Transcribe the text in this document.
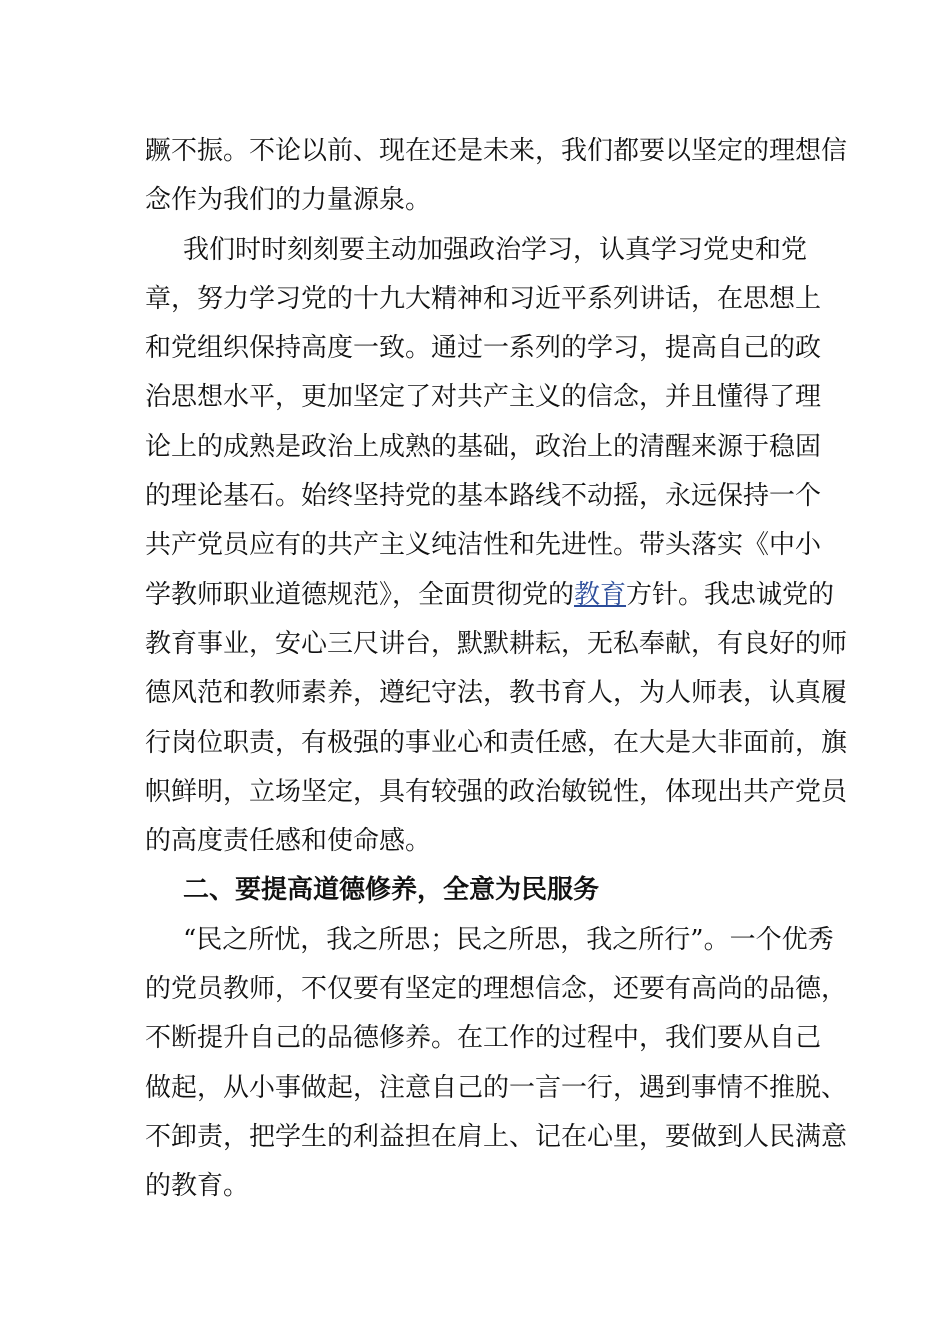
蹶不振。不论以前、现在还是未来，我们都要以坚定的理想信
念作为我们的力量源泉。
我们时时刻刻要主动加强政治学习，认真学习党史和党
章，努力学习党的十九大精神和习近平系列讲话，在思想上
和党组织保持高度一致。通过一系列的学习，提高自己的政
治思想水平，更加坚定了对共产主义的信念，并且懂得了理
论上的成熟是政治上成熟的基础，政治上的清醒来源于稳固
的理论基石。始终坚持党的基本路线不动摇，永远保持一个
共产党员应有的共产主义纯洁性和先进性。带头落实《中小
学教师职业道德规范》，全面贯彻党的教育方针。我忠诚党的
教育事业，安心三尺讲台，默默耕耘，无私奉献，有良好的师
德风范和教师素养，遵纪守法，教书育人，为人师表，认真履
行岗位职责，有极强的事业心和责任感，在大是大非面前，旗
帜鲜明，立场坚定，具有较强的政治敏锐性，体现出共产党员
的高度责任感和使命感。
二、要提高道德修养，全意为民服务
“民之所忧，我之所思；民之所思，我之所行”。一个优秀
的党员教师，不仅要有坚定的理想信念，还要有高尚的品德，
不断提升自己的品德修养。在工作的过程中，我们要从自己
做起，从小事做起，注意自己的一言一行，遇到事情不推脱、
不卸责，把学生的利益担在肩上、记在心里，要做到人民满意
的教育。
